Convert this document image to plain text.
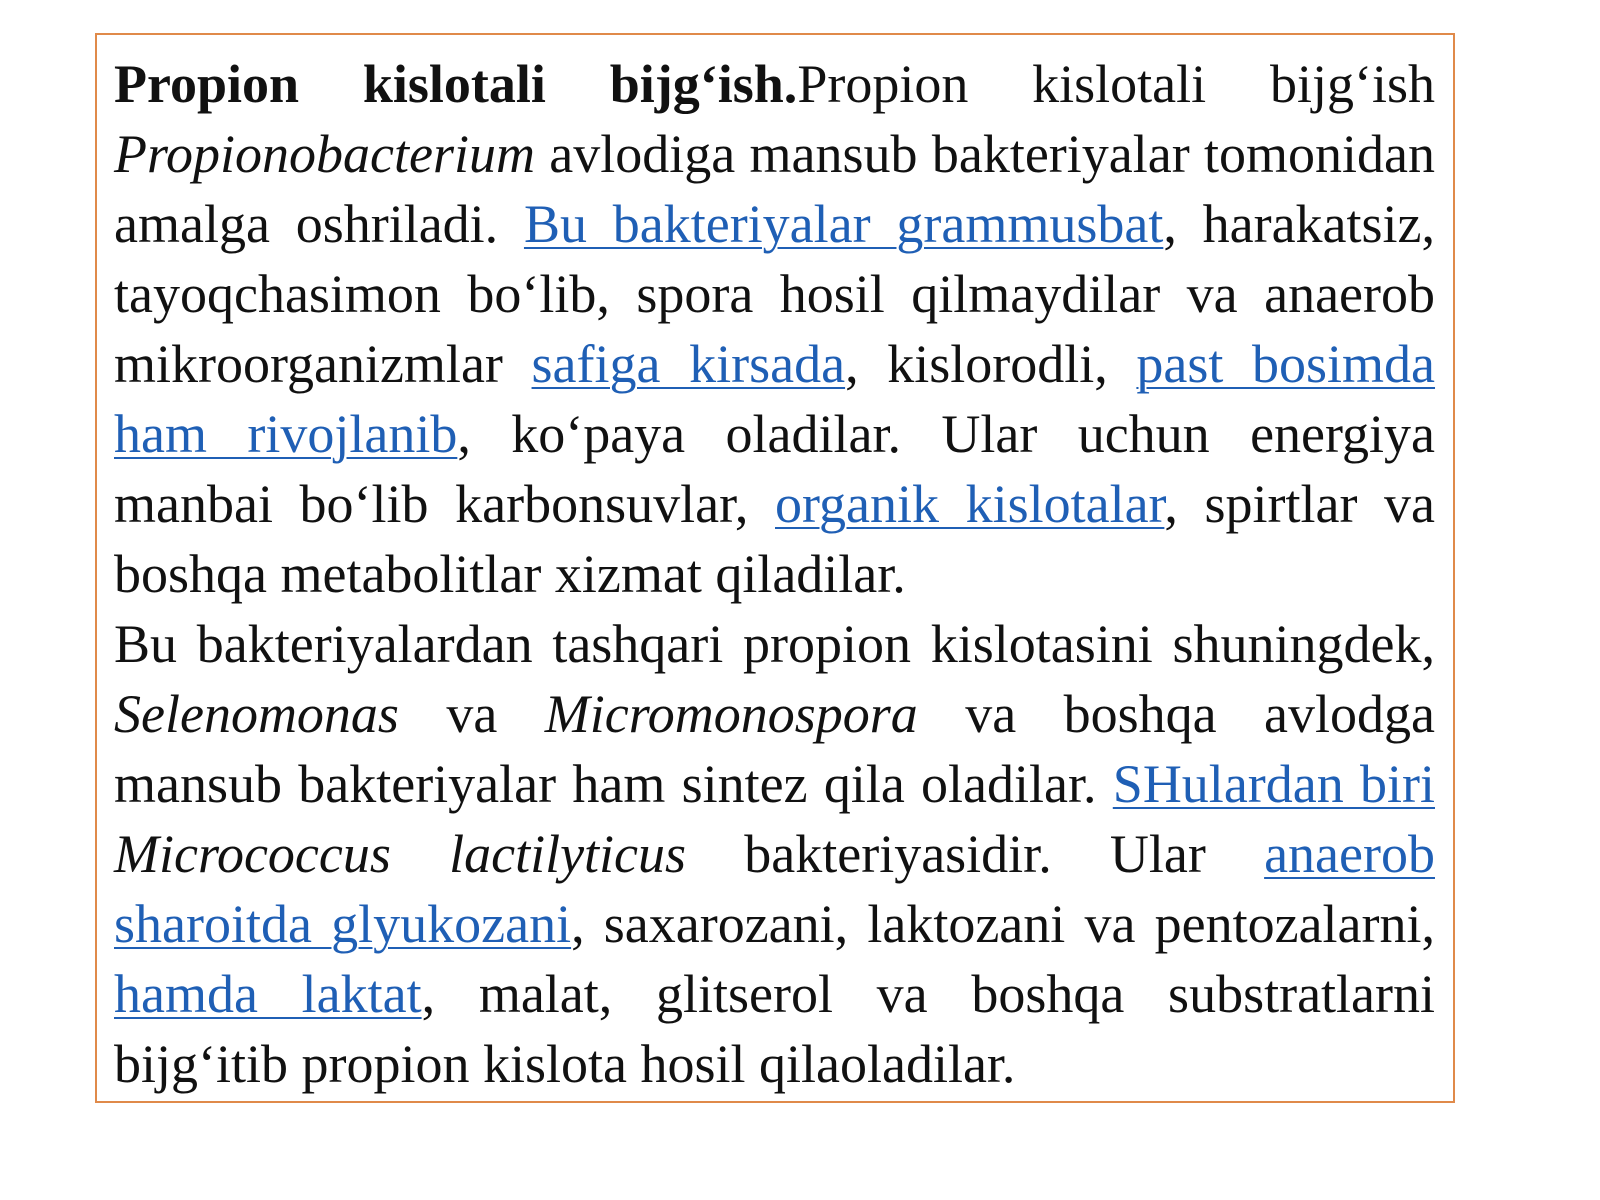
Propion kislotali bijg‘ish.Propion kislotali bijg‘ish Propionobacterium avlodiga mansub bakteriyalar tomonidan amalga oshriladi. Bu bakteriyalar grammusbat, harakatsiz, tayoqchasimon bo‘lib, spora hosil qilmaydilar va anaerob mikroorganizmlar safiga kirsada, kislorodli, past bosimda ham rivojlanib, ko‘paya oladilar. Ular uchun energiya manbai bo‘lib karbonsuvlar, organik kislotalar, spirtlar va boshqa metabolitlar xizmat qiladilar.

Bu bakteriyalardan tashqari propion kislotasini shuningdek, Selenomonas va Micromonospora va boshqa avlodga mansub bakteriyalar ham sintez qila oladilar. SHulardan biri Micrococcus lactilyticus bakteriyasidir. Ular anaerob sharoitda glyukozani, saxarozani, laktozani va pentozalarni, hamda laktat, malat, glitserol va boshqa substratlarni bijg‘itib propion kislota hosil qilaoladilar.
